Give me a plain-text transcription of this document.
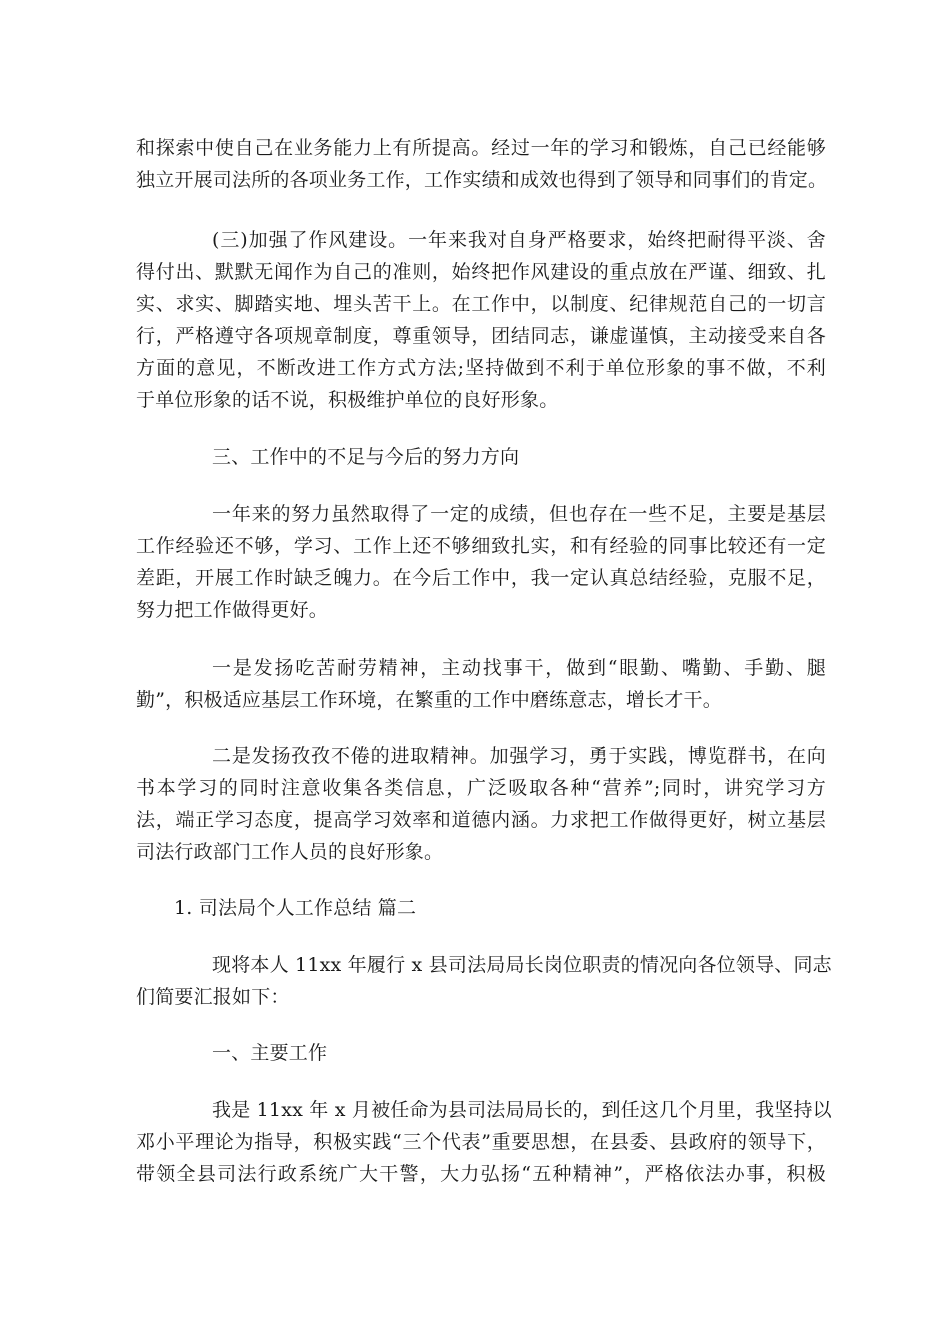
和探索中使自己在业务能力上有所提高。经过一年的学习和锻炼，自己已经能够

独立开展司法所的各项业务工作，工作实绩和成效也得到了领导和同事们的肯定。

(三)加强了作风建设。一年来我对自身严格要求，始终把耐得平淡、舍

得付出、默默无闻作为自己的准则，始终把作风建设的重点放在严谨、细致、扎

实、求实、脚踏实地、埋头苦干上。在工作中，以制度、纪律规范自己的一切言

行，严格遵守各项规章制度，尊重领导，团结同志，谦虚谨慎，主动接受来自各

方面的意见，不断改进工作方式方法;坚持做到不利于单位形象的事不做，不利

于单位形象的话不说，积极维护单位的良好形象。

三、工作中的不足与今后的努力方向

一年来的努力虽然取得了一定的成绩，但也存在一些不足，主要是基层

工作经验还不够，学习、工作上还不够细致扎实，和有经验的同事比较还有一定

差距，开展工作时缺乏魄力。在今后工作中，我一定认真总结经验，克服不足，

努力把工作做得更好。

一是发扬吃苦耐劳精神，主动找事干，做到“眼勤、嘴勤、手勤、腿

勤”，积极适应基层工作环境，在繁重的工作中磨练意志，增长才干。

二是发扬孜孜不倦的进取精神。加强学习，勇于实践，博览群书，在向

书本学习的同时注意收集各类信息，广泛吸取各种“营养”;同时，讲究学习方

法，端正学习态度，提高学习效率和道德内涵。力求把工作做得更好，树立基层

司法行政部门工作人员的良好形象。

1. 司法局个人工作总结 篇二

现将本人 11xx 年履行 x 县司法局局长岗位职责的情况向各位领导、同志

们简要汇报如下：

一、主要工作

我是 11xx 年 x 月被任命为县司法局局长的，到任这几个月里，我坚持以

邓小平理论为指导，积极实践“三个代表”重要思想，在县委、县政府的领导下，

带领全县司法行政系统广大干警，大力弘扬“五种精神”，严格依法办事，积极
